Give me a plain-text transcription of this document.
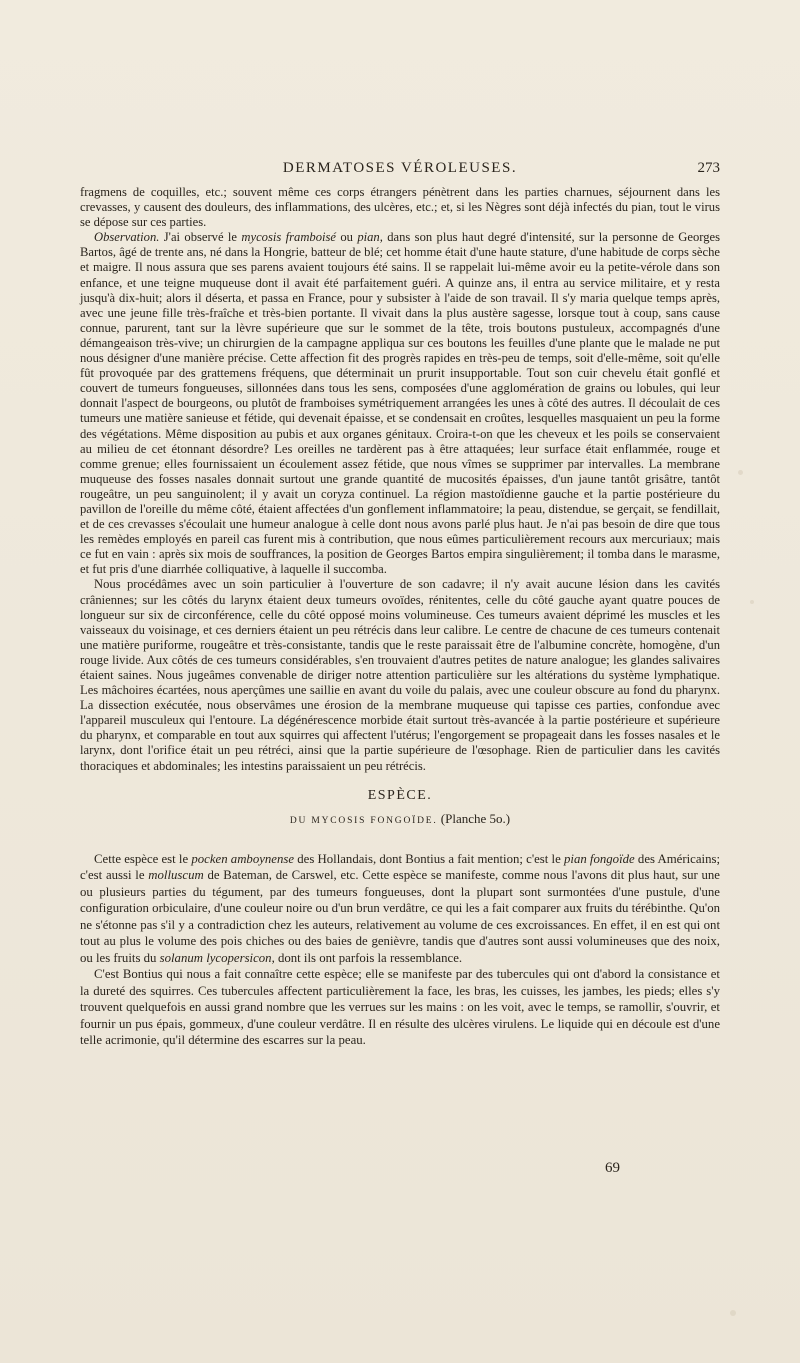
DERMATOSES VÉROLEUSES.	273

fragmens de coquilles, etc.; souvent même ces corps étrangers pénètrent dans les parties charnues, séjournent dans les crevasses, y causent des douleurs, des inflammations, des ulcères, etc.; et, si les Nègres sont déjà infectés du pian, tout le virus se dépose sur ces parties.

Observation. J'ai observé le mycosis framboisé ou pian, dans son plus haut degré d'intensité, sur la personne de Georges Bartos, âgé de trente ans, né dans la Hongrie, batteur de blé; cet homme était d'une haute stature, d'une habitude de corps sèche et maigre. Il nous assura que ses parens avaient toujours été sains. Il se rappelait lui-même avoir eu la petite-vérole dans son enfance, et une teigne muqueuse dont il avait été parfaitement guéri. A quinze ans, il entra au service militaire, et y resta jusqu'à dix-huit; alors il déserta, et passa en France, pour y subsister à l'aide de son travail. Il s'y maria quelque temps après, avec une jeune fille très-fraîche et très-bien portante. Il vivait dans la plus austère sagesse, lorsque tout à coup, sans cause connue, parurent, tant sur la lèvre supérieure que sur le sommet de la tête, trois boutons pustuleux, accompagnés d'une démangeaison très-vive; un chirurgien de la campagne appliqua sur ces boutons les feuilles d'une plante que le malade ne put nous désigner d'une manière précise. Cette affection fit des progrès rapides en très-peu de temps, soit d'elle-même, soit qu'elle fût provoquée par des grattemens fréquens, que déterminait un prurit insupportable. Tout son cuir chevelu était gonflé et couvert de tumeurs fongueuses, sillonnées dans tous les sens, composées d'une agglomération de grains ou lobules, qui leur donnait l'aspect de bourgeons, ou plutôt de framboises symétriquement arrangées les unes à côté des autres. Il découlait de ces tumeurs une matière sanieuse et fétide, qui devenait épaisse, et se condensait en croûtes, lesquelles masquaient un peu la forme des végétations. Même disposition au pubis et aux organes génitaux. Croira-t-on que les cheveux et les poils se conservaient au milieu de cet étonnant désordre? Les oreilles ne tardèrent pas à être attaquées; leur surface était enflammée, rouge et comme grenue; elles fournissaient un écoulement assez fétide, que nous vîmes se supprimer par intervalles. La membrane muqueuse des fosses nasales donnait surtout une grande quantité de mucosités épaisses, d'un jaune tantôt grisâtre, tantôt rougeâtre, un peu sanguinolent; il y avait un coryza continuel. La région mastoïdienne gauche et la partie postérieure du pavillon de l'oreille du même côté, étaient affectées d'un gonflement inflammatoire; la peau, distendue, se gerçait, se fendillait, et de ces crevasses s'écoulait une humeur analogue à celle dont nous avons parlé plus haut. Je n'ai pas besoin de dire que tous les remèdes employés en pareil cas furent mis à contribution, que nous eûmes particulièrement recours aux mercuriaux; mais ce fut en vain : après six mois de souffrances, la position de Georges Bartos empira singulièrement; il tomba dans le marasme, et fut pris d'une diarrhée colliquative, à laquelle il succomba.

Nous procédâmes avec un soin particulier à l'ouverture de son cadavre; il n'y avait aucune lésion dans les cavités crâniennes; sur les côtés du larynx étaient deux tumeurs ovoïdes, rénitentes, celle du côté gauche ayant quatre pouces de longueur sur six de circonférence, celle du côté opposé moins volumineuse. Ces tumeurs avaient déprimé les muscles et les vaisseaux du voisinage, et ces derniers étaient un peu rétrécis dans leur calibre. Le centre de chacune de ces tumeurs contenait une matière puriforme, rougeâtre et très-consistante, tandis que le reste paraissait être de l'albumine concrète, homogène, d'un rouge livide. Aux côtés de ces tumeurs considérables, s'en trouvaient d'autres petites de nature analogue; les glandes salivaires étaient saines. Nous jugeâmes convenable de diriger notre attention particulière sur les altérations du système lymphatique. Les mâchoires écartées, nous aperçûmes une saillie en avant du voile du palais, avec une couleur obscure au fond du pharynx. La dissection exécutée, nous observâmes une érosion de la membrane muqueuse qui tapisse ces parties, confondue avec l'appareil musculeux qui l'entoure. La dégénérescence morbide était surtout très-avancée à la partie postérieure et supérieure du pharynx, et comparable en tout aux squirres qui affectent l'utérus; l'engorgement se propageait dans les fosses nasales et le larynx, dont l'orifice était un peu rétréci, ainsi que la partie supérieure de l'œsophage. Rien de particulier dans les cavités thoraciques et abdominales; les intestins paraissaient un peu rétrécis.

ESPÈCE.
DU MYCOSIS FONGOÏDE. (Planche 5o.)

Cette espèce est le pocken amboynense des Hollandais, dont Bontius a fait mention; c'est le pian fongoïde des Américains; c'est aussi le molluscum de Bateman, de Carswel, etc. Cette espèce se manifeste, comme nous l'avons dit plus haut, sur une ou plusieurs parties du tégument, par des tumeurs fongueuses, dont la plupart sont surmontées d'une pustule, d'une configuration orbiculaire, d'une couleur noire ou d'un brun verdâtre, ce qui les a fait comparer aux fruits du térébinthe. Qu'on ne s'étonne pas s'il y a contradiction chez les auteurs, relativement au volume de ces excroissances. En effet, il en est qui ont tout au plus le volume des pois chiches ou des baies de genièvre, tandis que d'autres sont aussi volumineuses que des noix, ou les fruits du solanum lycopersicon, dont ils ont parfois la ressemblance.

C'est Bontius qui nous a fait connaître cette espèce; elle se manifeste par des tubercules qui ont d'abord la consistance et la dureté des squirres. Ces tubercules affectent particulièrement la face, les bras, les cuisses, les jambes, les pieds; elles s'y trouvent quelquefois en aussi grand nombre que les verrues sur les mains : on les voit, avec le temps, se ramollir, s'ouvrir, et fournir un pus épais, gommeux, d'une couleur verdâtre. Il en résulte des ulcères virulens. Le liquide qui en découle est d'une telle acrimonie, qu'il détermine des escarres sur la peau.

69
